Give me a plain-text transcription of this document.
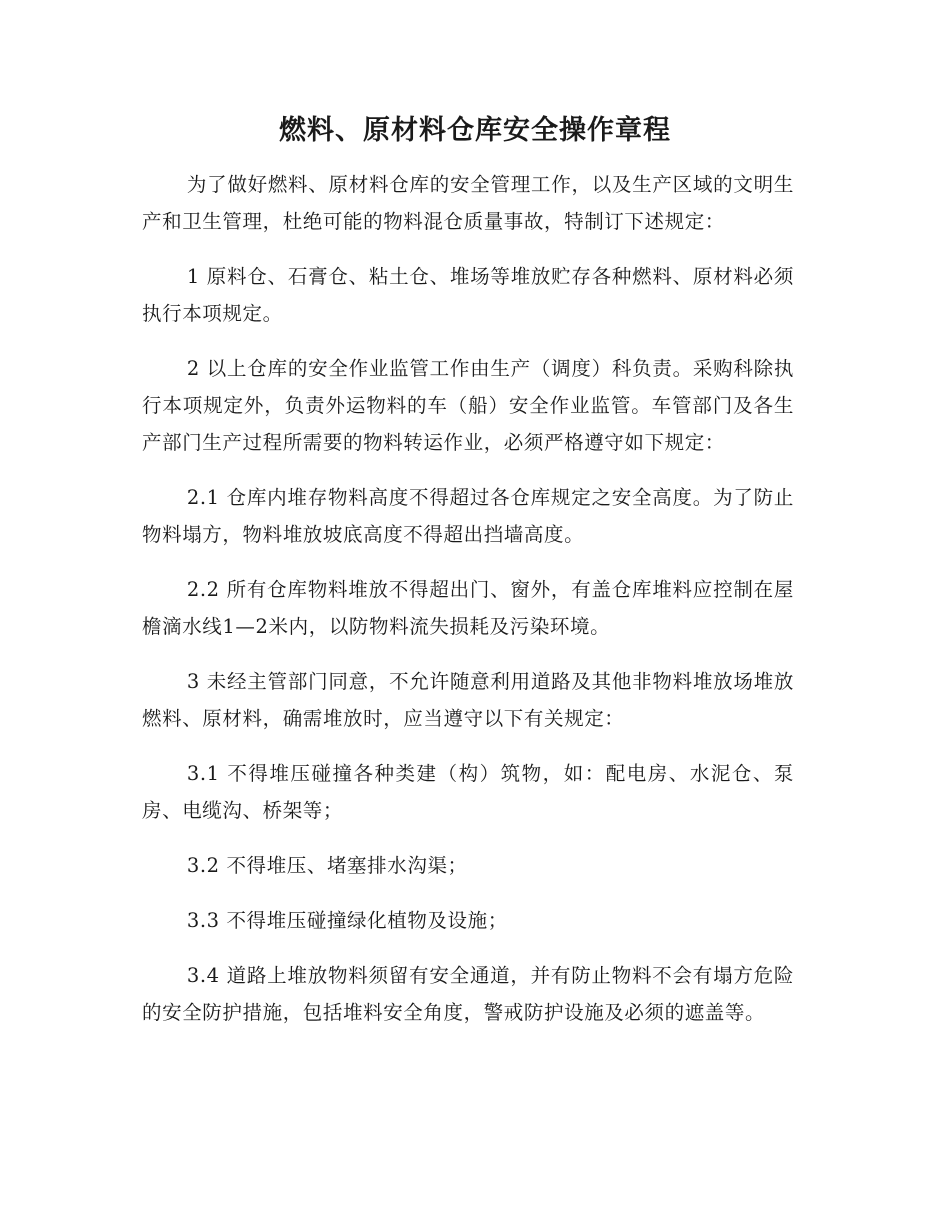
燃料、原材料仓库安全操作章程

为了做好燃料、原材料仓库的安全管理工作，以及生产区域的文明生产和卫生管理，杜绝可能的物料混仓质量事故，特制订下述规定：

1 原料仓、石膏仓、粘土仓、堆场等堆放贮存各种燃料、原材料必须执行本项规定。

2 以上仓库的安全作业监管工作由生产（调度）科负责。采购科除执行本项规定外，负责外运物料的车（船）安全作业监管。车管部门及各生产部门生产过程所需要的物料转运作业，必须严格遵守如下规定：

2.1 仓库内堆存物料高度不得超过各仓库规定之安全高度。为了防止物料塌方，物料堆放坡底高度不得超出挡墙高度。

2.2 所有仓库物料堆放不得超出门、窗外，有盖仓库堆料应控制在屋檐滴水线1—2米内，以防物料流失损耗及污染环境。

3 未经主管部门同意，不允许随意利用道路及其他非物料堆放场堆放燃料、原材料，确需堆放时，应当遵守以下有关规定：

3.1 不得堆压碰撞各种类建（构）筑物，如：配电房、水泥仓、泵房、电缆沟、桥架等；

3.2 不得堆压、堵塞排水沟渠；

3.3 不得堆压碰撞绿化植物及设施；

3.4 道路上堆放物料须留有安全通道，并有防止物料不会有塌方危险的安全防护措施，包括堆料安全角度，警戒防护设施及必须的遮盖等。
